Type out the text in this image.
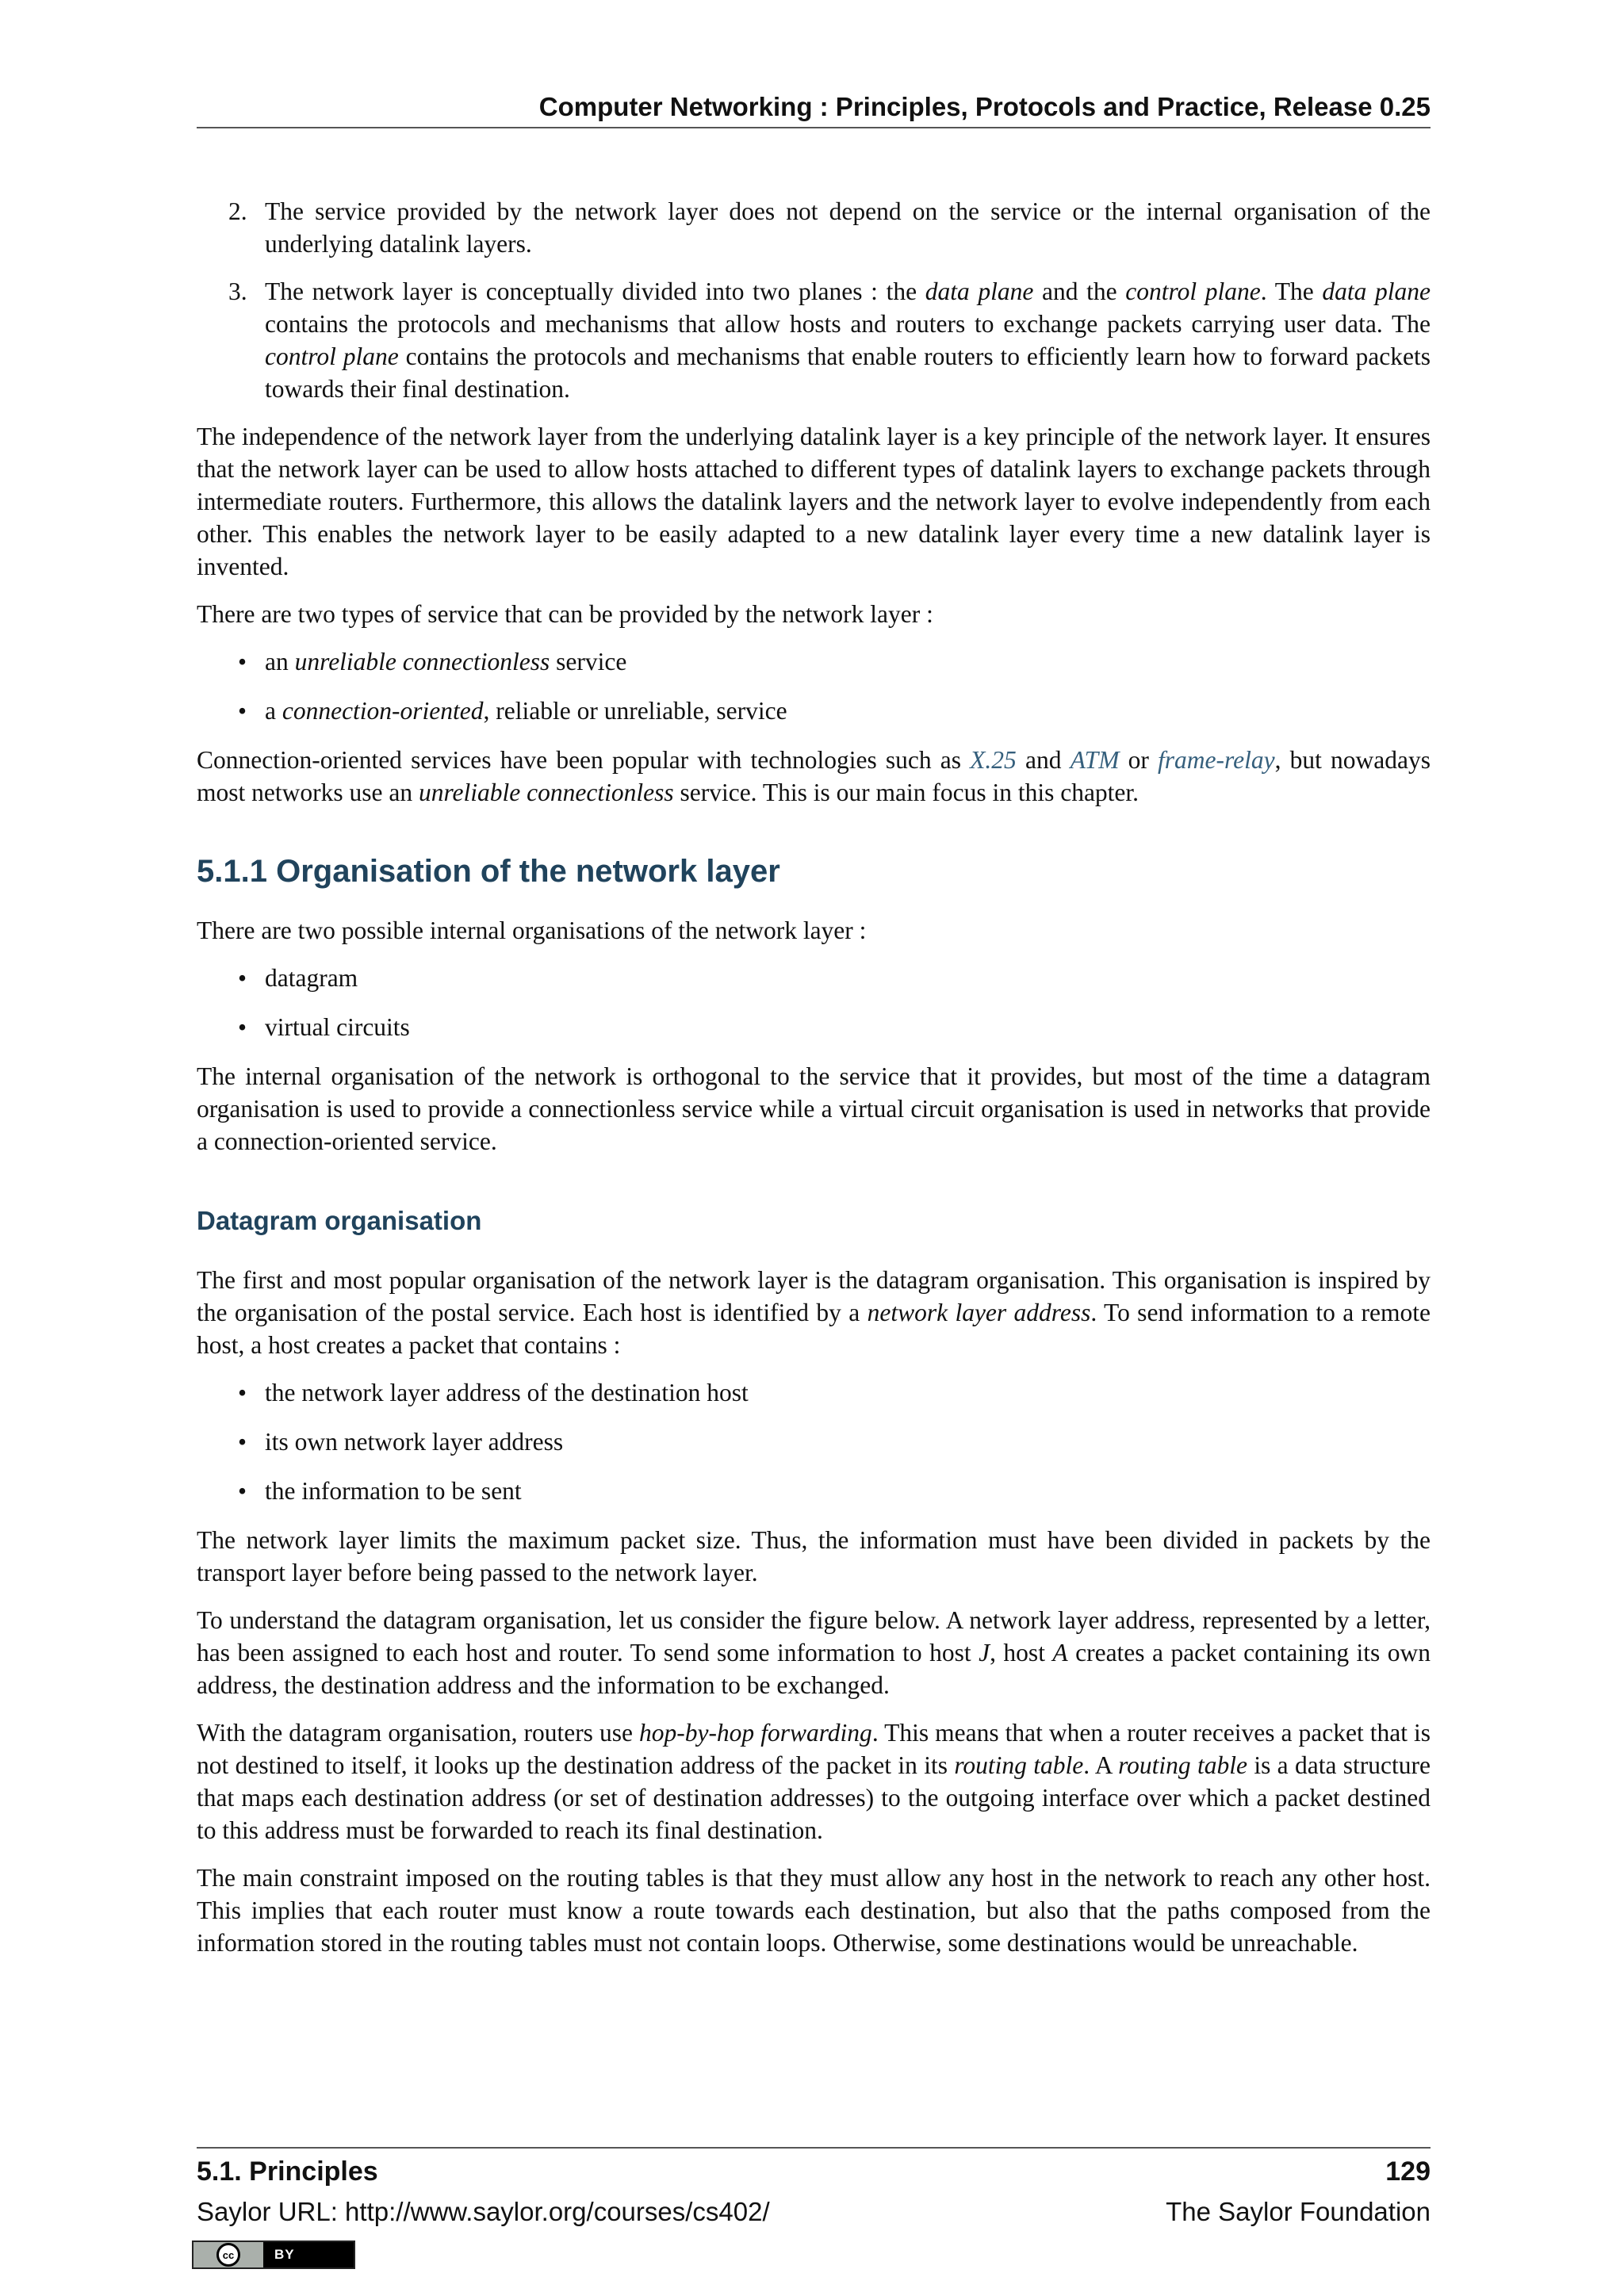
Computer Networking : Principles, Protocols and Practice, Release 0.25
2. The service provided by the network layer does not depend on the service or the internal organisation of the underlying datalink layers.
3. The network layer is conceptually divided into two planes : the data plane and the control plane. The data plane contains the protocols and mechanisms that allow hosts and routers to exchange packets carrying user data. The control plane contains the protocols and mechanisms that enable routers to efficiently learn how to forward packets towards their final destination.

The independence of the network layer from the underlying datalink layer is a key principle of the network layer. It ensures that the network layer can be used to allow hosts attached to different types of datalink layers to exchange packets through intermediate routers. Furthermore, this allows the datalink layers and the network layer to evolve independently from each other. This enables the network layer to be easily adapted to a new datalink layer every time a new datalink layer is invented.

There are two types of service that can be provided by the network layer :

• an unreliable connectionless service
• a connection-oriented, reliable or unreliable, service

Connection-oriented services have been popular with technologies such as X.25 and ATM or frame-relay, but nowadays most networks use an unreliable connectionless service. This is our main focus in this chapter.

5.1.1 Organisation of the network layer

There are two possible internal organisations of the network layer :

• datagram
• virtual circuits

The internal organisation of the network is orthogonal to the service that it provides, but most of the time a datagram organisation is used to provide a connectionless service while a virtual circuit organisation is used in networks that provide a connection-oriented service.

Datagram organisation

The first and most popular organisation of the network layer is the datagram organisation. This organisation is inspired by the organisation of the postal service. Each host is identified by a network layer address. To send information to a remote host, a host creates a packet that contains :

• the network layer address of the destination host
• its own network layer address
• the information to be sent

The network layer limits the maximum packet size. Thus, the information must have been divided in packets by the transport layer before being passed to the network layer.

To understand the datagram organisation, let us consider the figure below. A network layer address, represented by a letter, has been assigned to each host and router. To send some information to host J, host A creates a packet containing its own address, the destination address and the information to be exchanged.

With the datagram organisation, routers use hop-by-hop forwarding. This means that when a router receives a packet that is not destined to itself, it looks up the destination address of the packet in its routing table. A routing table is a data structure that maps each destination address (or set of destination addresses) to the outgoing interface over which a packet destined to this address must be forwarded to reach its final destination.

The main constraint imposed on the routing tables is that they must allow any host in the network to reach any other host. This implies that each router must know a route towards each destination, but also that the paths composed from the information stored in the routing tables must not contain loops. Otherwise, some destinations would be unreachable.

5.1. Principles	129
Saylor URL: http://www.saylor.org/courses/cs402/	The Saylor Foundation
cc	BY
